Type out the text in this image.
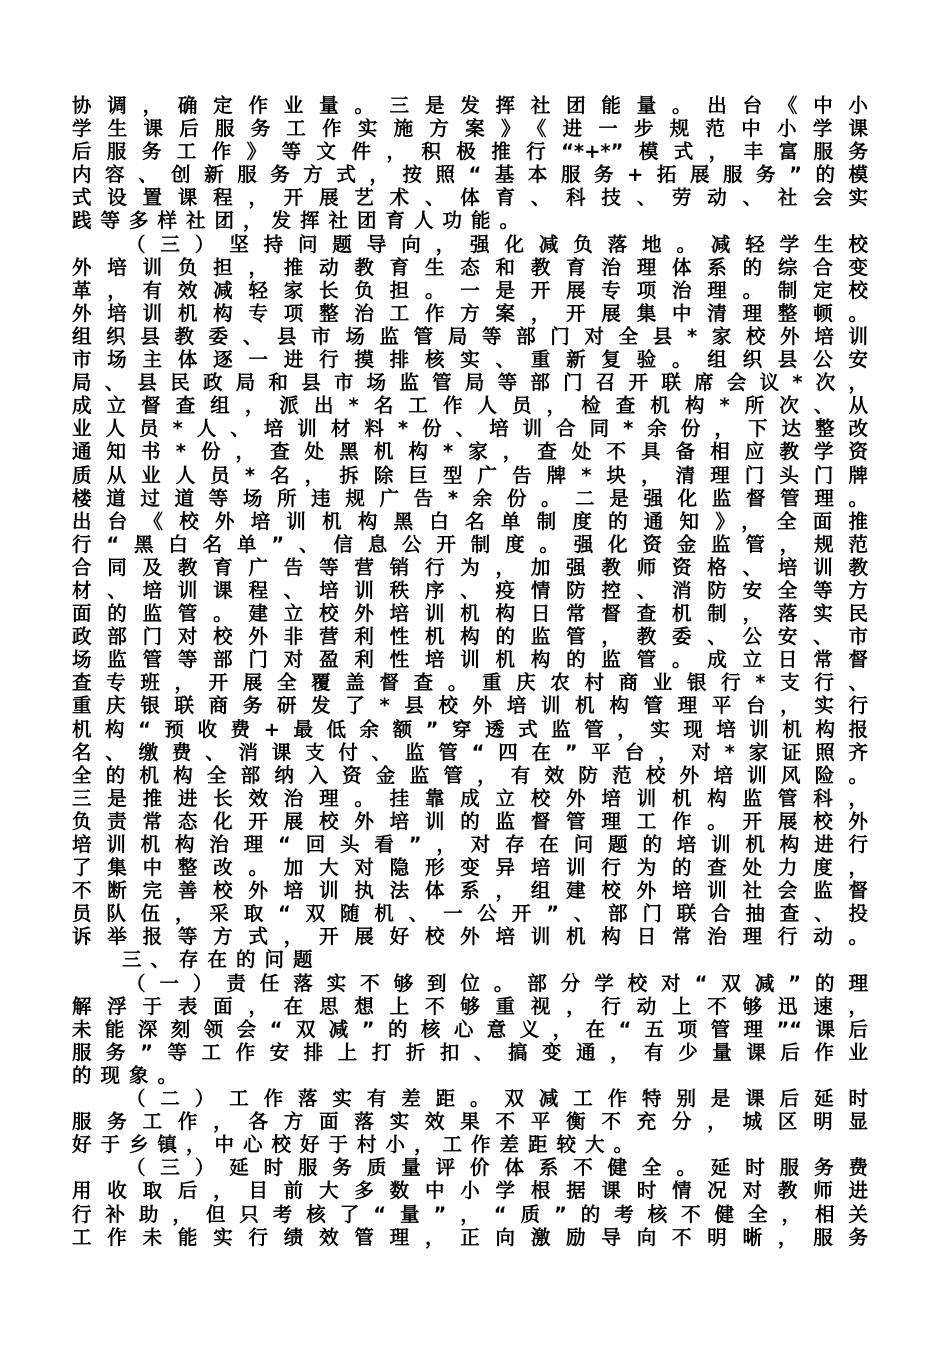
协调，确定作业量。三是发挥社团能量。出台《中小
学生课后服务工作实施方案》《进一步规范中小学课
后服务工作》等文件，积极推行“*+*”模式，丰富服务
内容、创新服务方式，按照“基本服务+拓展服务”的模
式设置课程，开展艺术、体育、科技、劳动、社会实
践等多样社团，发挥社团育人功能。
（三）坚持问题导向，强化减负落地。减轻学生校
外培训负担，推动教育生态和教育治理体系的综合变
革，有效减轻家长负担。一是开展专项治理。制定校
外培训机构专项整治工作方案，开展集中清理整顿。
组织县教委、县市场监管局等部门对全县*家校外培训
市场主体逐一进行摸排核实、重新复验。组织县公安
局、县民政局和县市场监管局等部门召开联席会议*次，
成立督查组，派出*名工作人员，检查机构*所次、从
业人员*人、培训材料*份、培训合同*余份，下达整改
通知书*份，查处黑机构*家，查处不具备相应教学资
质从业人员*名，拆除巨型广告牌*块，清理门头门牌
楼道过道等场所违规广告*余份。二是强化监督管理。
出台《校外培训机构黑白名单制度的通知》，全面推
行“黑白名单”、信息公开制度。强化资金监管，规范
合同及教育广告等营销行为，加强教师资格、培训教
材、培训课程、培训秩序、疫情防控、消防安全等方
面的监管。建立校外培训机构日常督查机制，落实民
政部门对校外非营利性机构的监管，教委、公安、市
场监管等部门对盈利性培训机构的监管。成立日常督
查专班，开展全覆盖督查。重庆农村商业银行*支行、
重庆银联商务研发了*县校外培训机构管理平台，实行
机构“预收费+最低余额”穿透式监管，实现培训机构报
名、缴费、消课支付、监管“四在”平台，对*家证照齐
全的机构全部纳入资金监管，有效防范校外培训风险。
三是推进长效治理。挂靠成立校外培训机构监管科，
负责常态化开展校外培训的监督管理工作。开展校外
培训机构治理“回头看”，对存在问题的培训机构进行
了集中整改。加大对隐形变异培训行为的查处力度，
不断完善校外培训执法体系，组建校外培训社会监督
员队伍，采取“双随机、一公开”、部门联合抽查、投
诉举报等方式，开展好校外培训机构日常治理行动。
三、存在的问题
（一）责任落实不够到位。部分学校对“双减”的理
解浮于表面，在思想上不够重视，行动上不够迅速，
未能深刻领会“双减”的核心意义，在“五项管理”“课后
服务”等工作安排上打折扣、搞变通，有少量课后作业
的现象。
（二）工作落实有差距。双减工作特别是课后延时
服务工作，各方面落实效果不平衡不充分，城区明显
好于乡镇，中心校好于村小，工作差距较大。
（三）延时服务质量评价体系不健全。延时服务费
用收取后，目前大多数中小学根据课时情况对教师进
行补助，但只考核了“量”，“质”的考核不健全，相关
工作未能实行绩效管理，正向激励导向不明晰，服务
